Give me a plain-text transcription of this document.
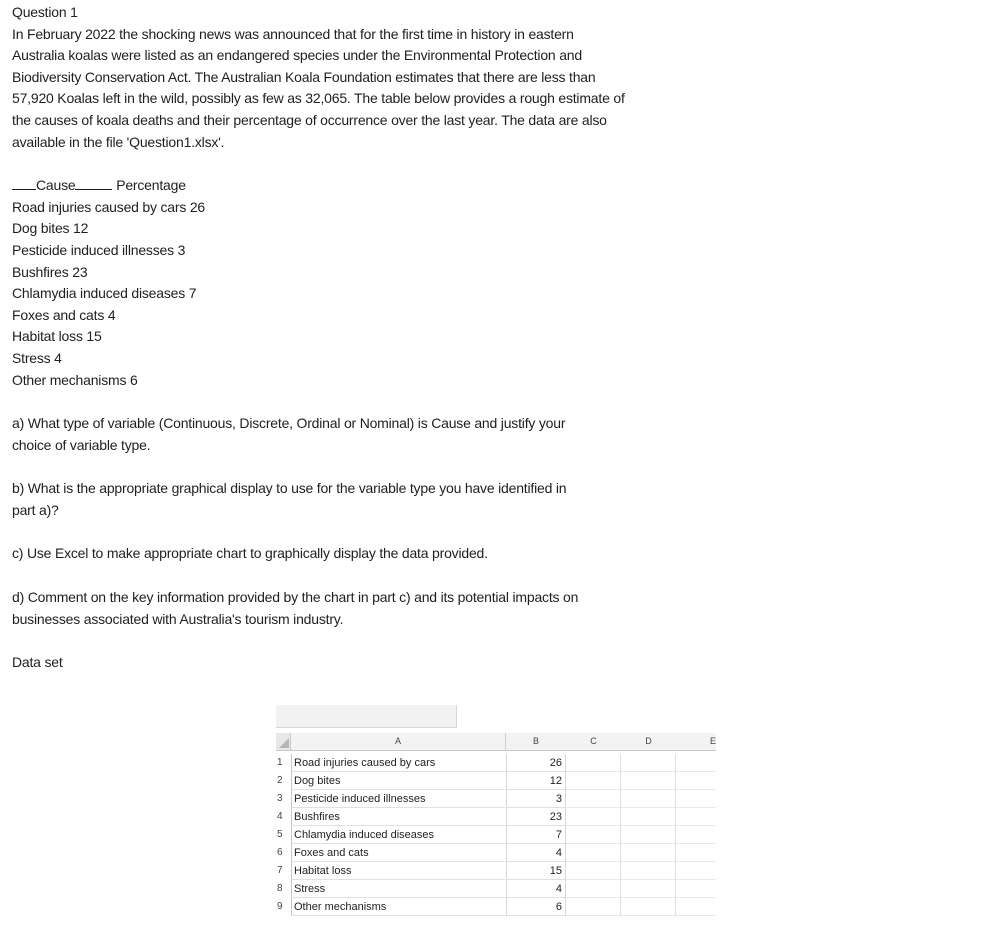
Question 1
In February 2022 the shocking news was announced that for the first time in history in eastern
Australia koalas were listed as an endangered species under the Environmental Protection and
Biodiversity Conservation Act. The Australian Koala Foundation estimates that there are less than
57,920 Koalas left in the wild, possibly as few as 32,065. The table below provides a rough estimate of
the causes of koala deaths and their percentage of occurrence over the last year. The data are also
available in the file 'Question1.xlsx'.
Cause	Percentage
Road injuries caused by cars 26
Dog bites 12
Pesticide induced illnesses 3
Bushfires 23
Chlamydia induced diseases 7
Foxes and cats 4
Habitat loss 15
Stress 4
Other mechanisms 6
a) What type of variable (Continuous, Discrete, Ordinal or Nominal) is Cause and justify your
choice of variable type.
b) What is the appropriate graphical display to use for the variable type you have identified in
part a)?
c) Use Excel to make appropriate chart to graphically display the data provided.
d) Comment on the key information provided by the chart in part c) and its potential impacts on
businesses associated with Australia's tourism industry.
Data set
A	B	C	D	E
1	Road injuries caused by cars	26
2	Dog bites	12
3	Pesticide induced illnesses	3
4	Bushfires	23
5	Chlamydia induced diseases	7
6	Foxes and cats	4
7	Habitat loss	15
8	Stress	4
9	Other mechanisms	6
